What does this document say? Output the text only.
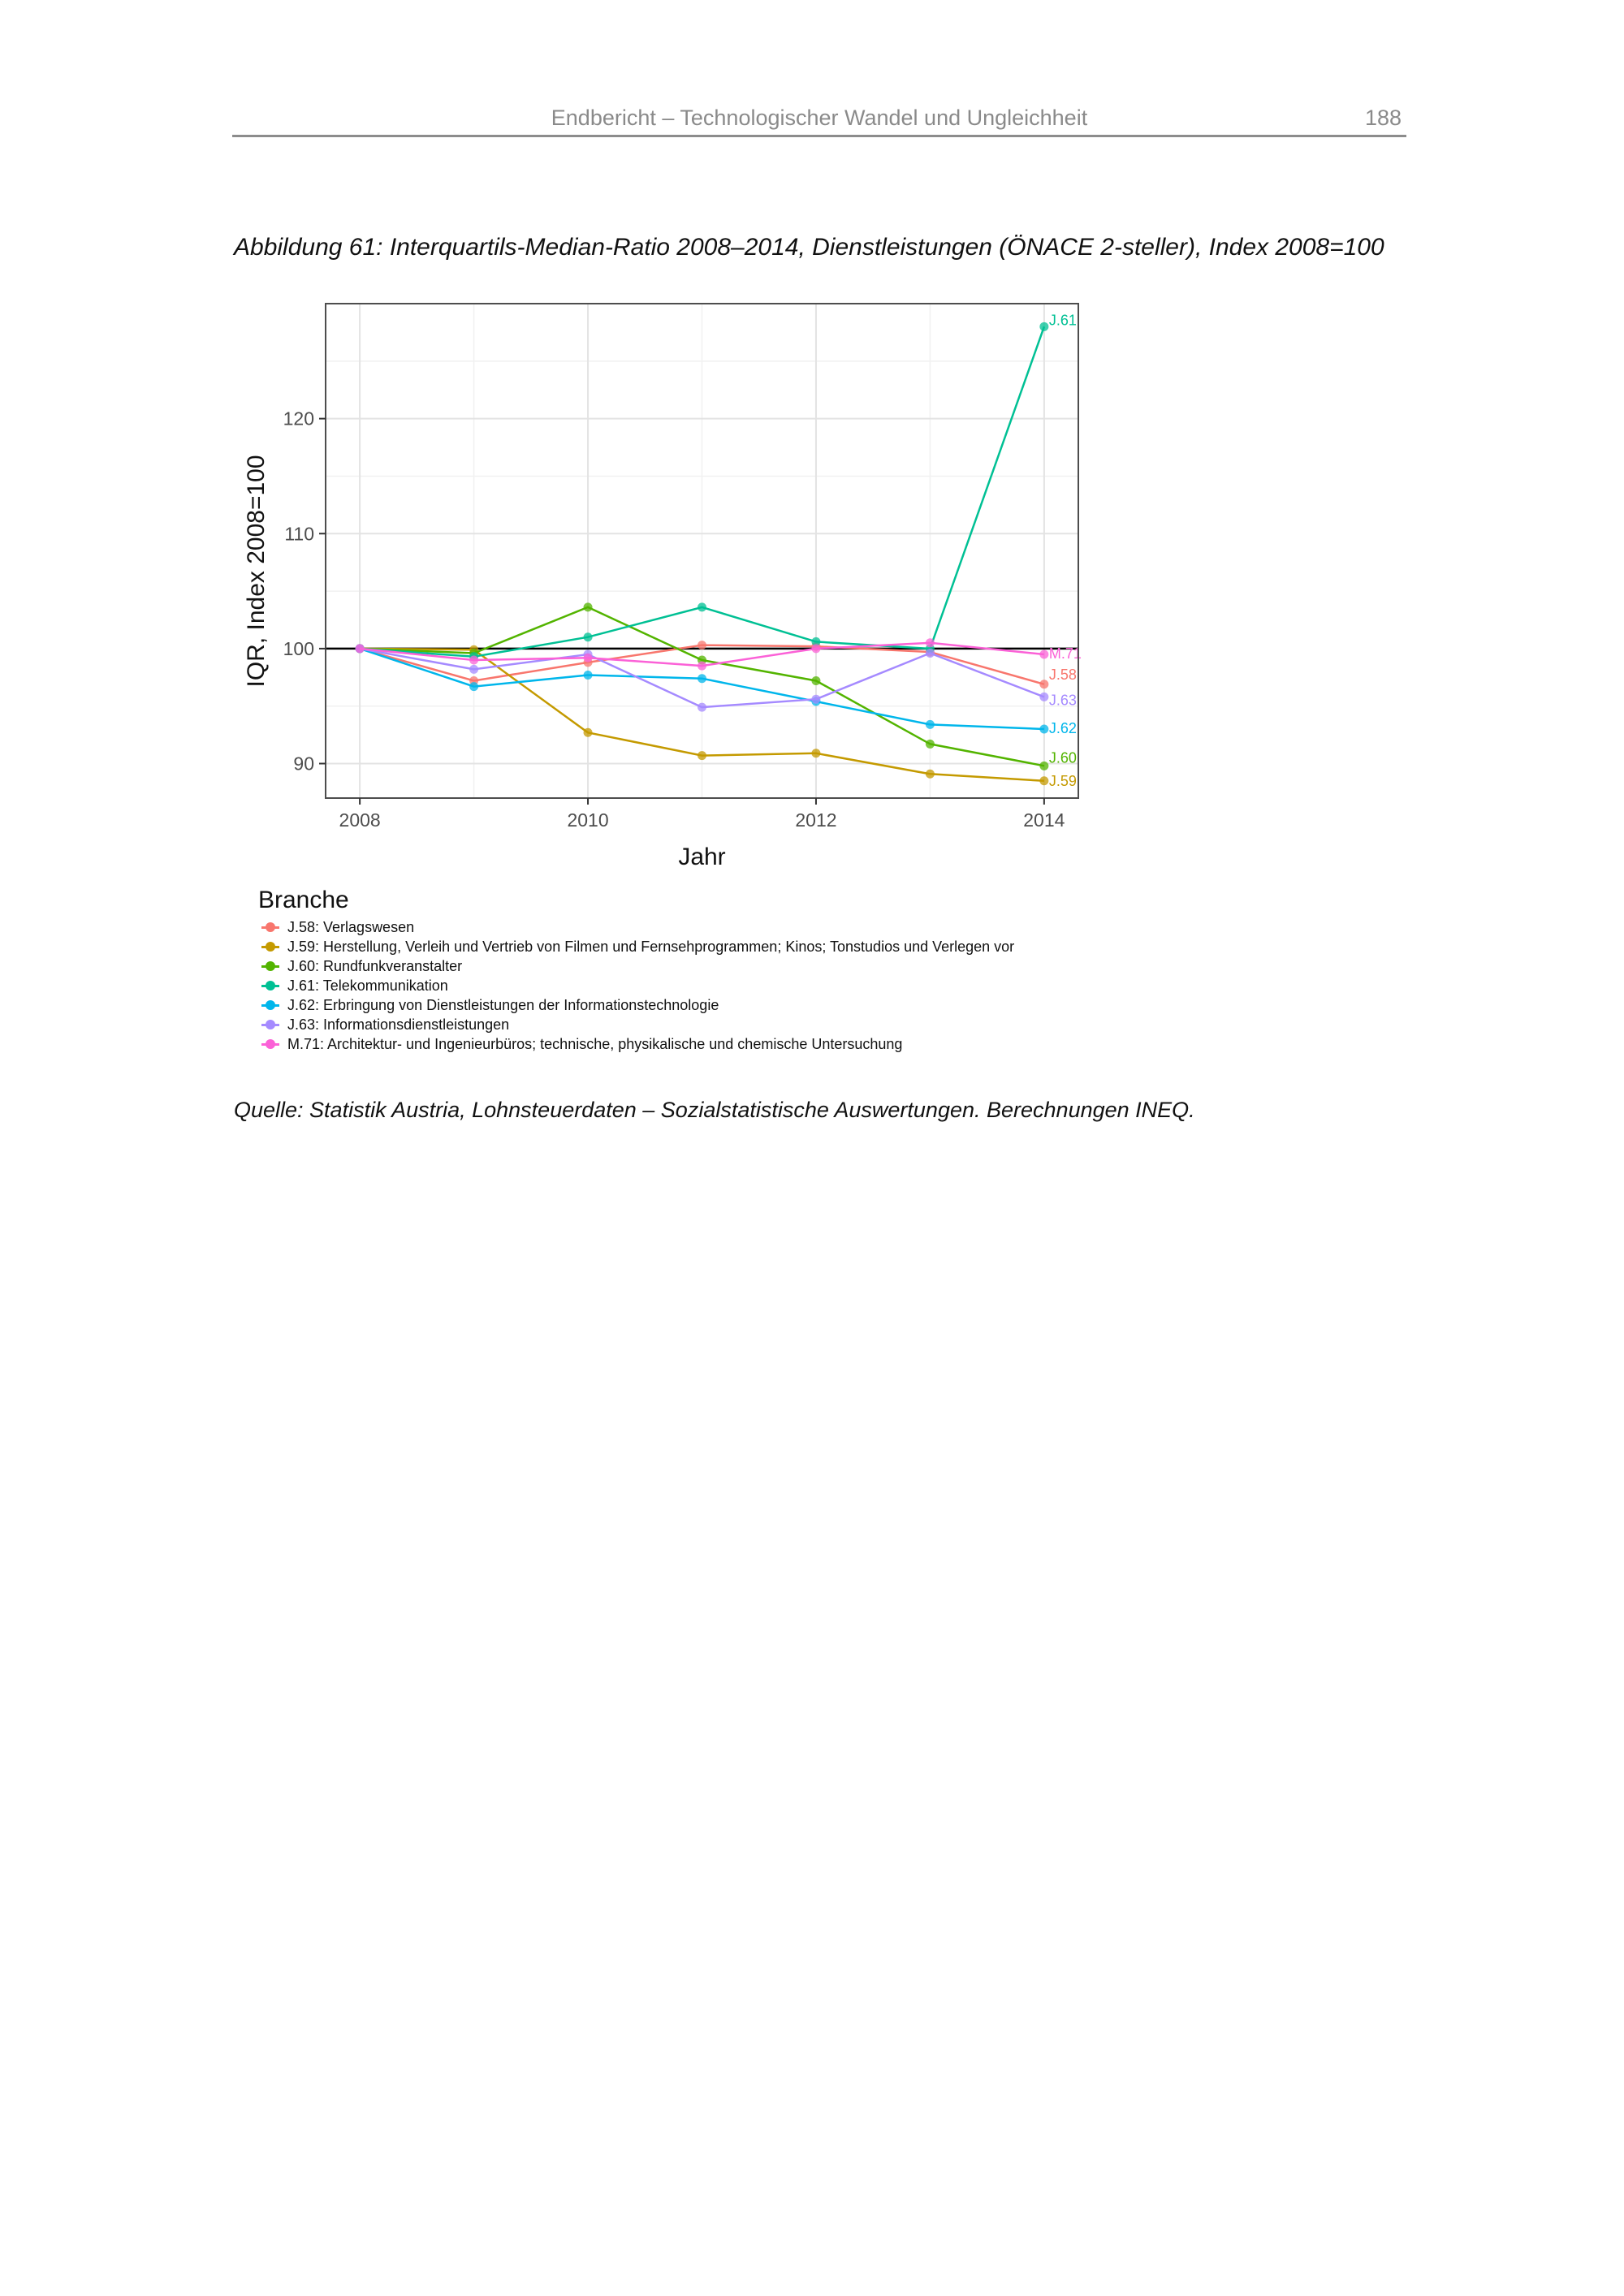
Endbericht – Technologischer Wandel und Ungleichheit	188
Abbildung 61: Interquartils-Median-Ratio 2008–2014, Dienstleistungen (ÖNACE 2-steller), Index 2008=100
J.58
J.59
J.60
J.61
J.62
J.63
M.71
90
100
110
120
2008	2010	2012	2014
Jahr
IQR, Index 2008=100
Branche
J.58: Verlagswesen
J.59: Herstellung, Verleih und Vertrieb von Filmen und Fernsehprogrammen; Kinos; Tonstudios und Verlegen vor
J.60: Rundfunkveranstalter
J.61: Telekommunikation
J.62: Erbringung von Dienstleistungen der Informationstechnologie
J.63: Informationsdienstleistungen
M.71: Architektur- und Ingenieurbüros; technische, physikalische und chemische Untersuchung
Quelle: Statistik Austria, Lohnsteuerdaten – Sozialstatistische Auswertungen. Berechnungen INEQ.
